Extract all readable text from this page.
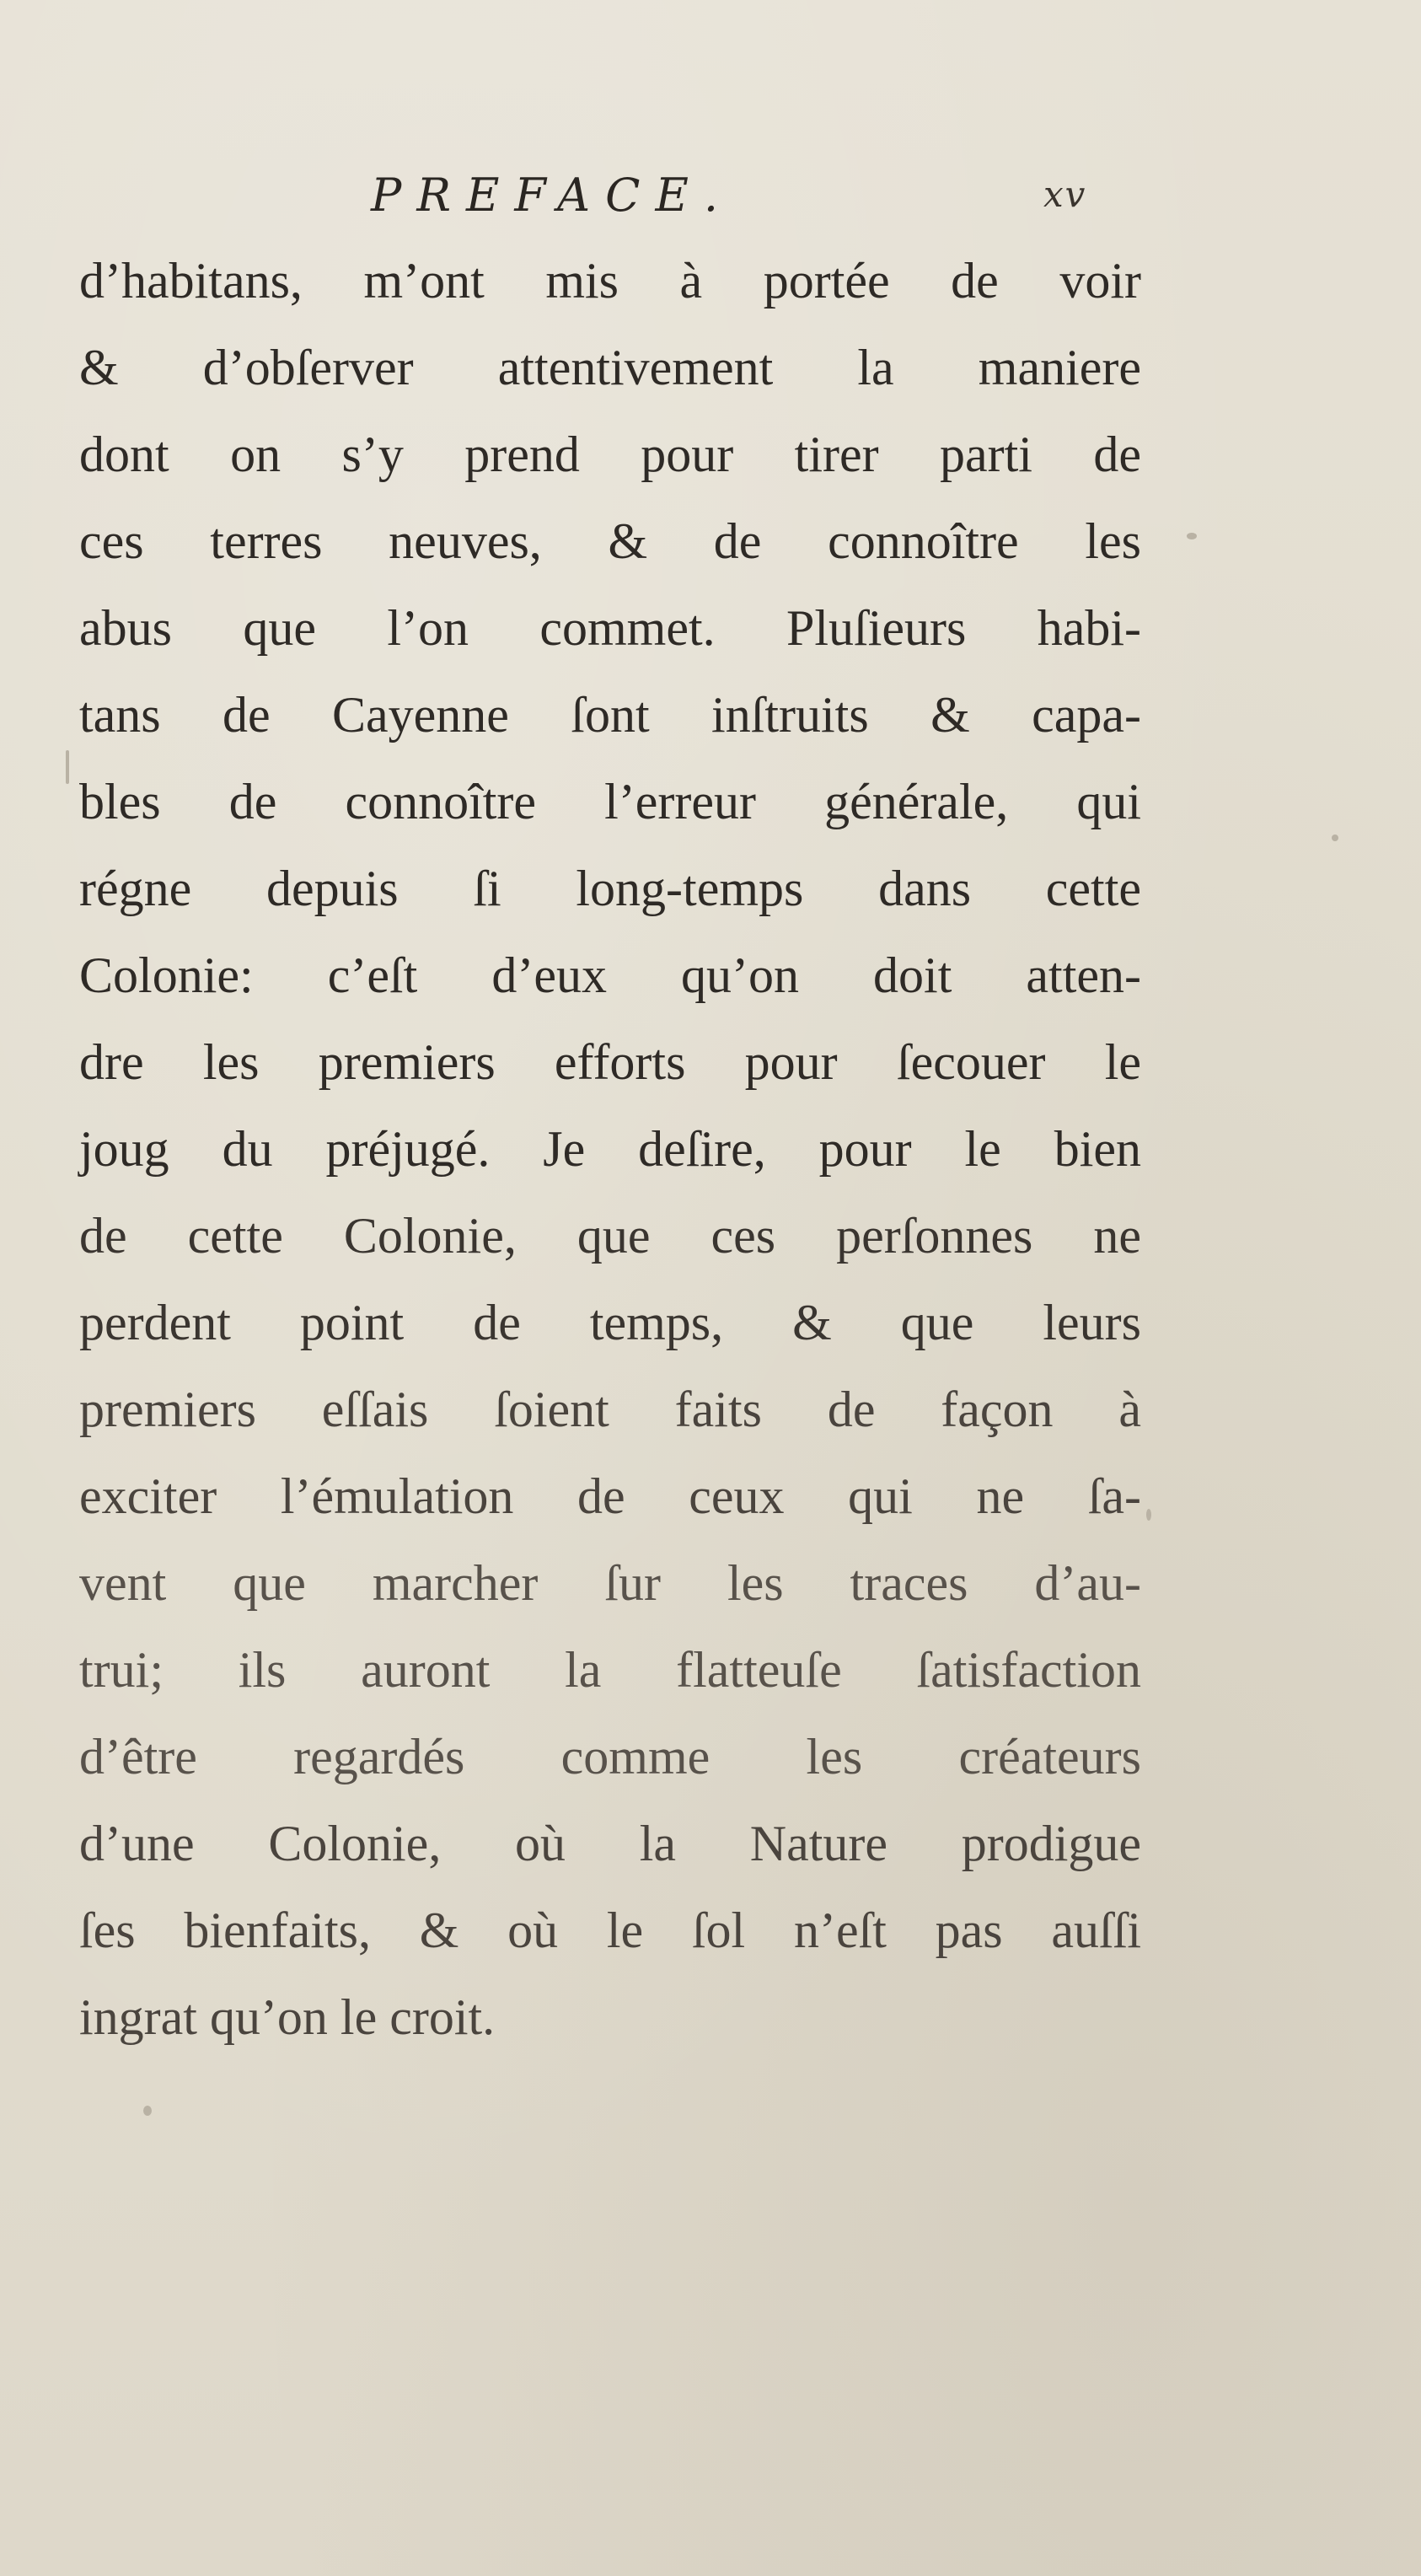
PREFACE.	xv
d’habitans, m’ont mis à portée de voir
& d’obſerver attentivement la maniere
dont on s’y prend pour tirer parti de
ces terres neuves, & de connoître les
abus que l’on commet. Pluſieurs habi-
tans de Cayenne ſont inſtruits & capa-
bles de connoître l’erreur générale, qui
régne depuis ſi long-temps dans cette
Colonie: c’eſt d’eux qu’on doit atten-
dre les premiers efforts pour ſecouer le
joug du préjugé. Je deſire, pour le bien
de cette Colonie, que ces perſonnes ne
perdent point de temps, & que leurs
premiers eſſais ſoient faits de façon à
exciter l’émulation de ceux qui ne ſa-
vent que marcher ſur les traces d’au-
trui; ils auront la flatteuſe ſatisfaction
d’être regardés comme les créateurs
d’une Colonie, où la Nature prodigue
ſes bienfaits, & où le ſol n’eſt pas auſſi
ingrat qu’on le croit.
